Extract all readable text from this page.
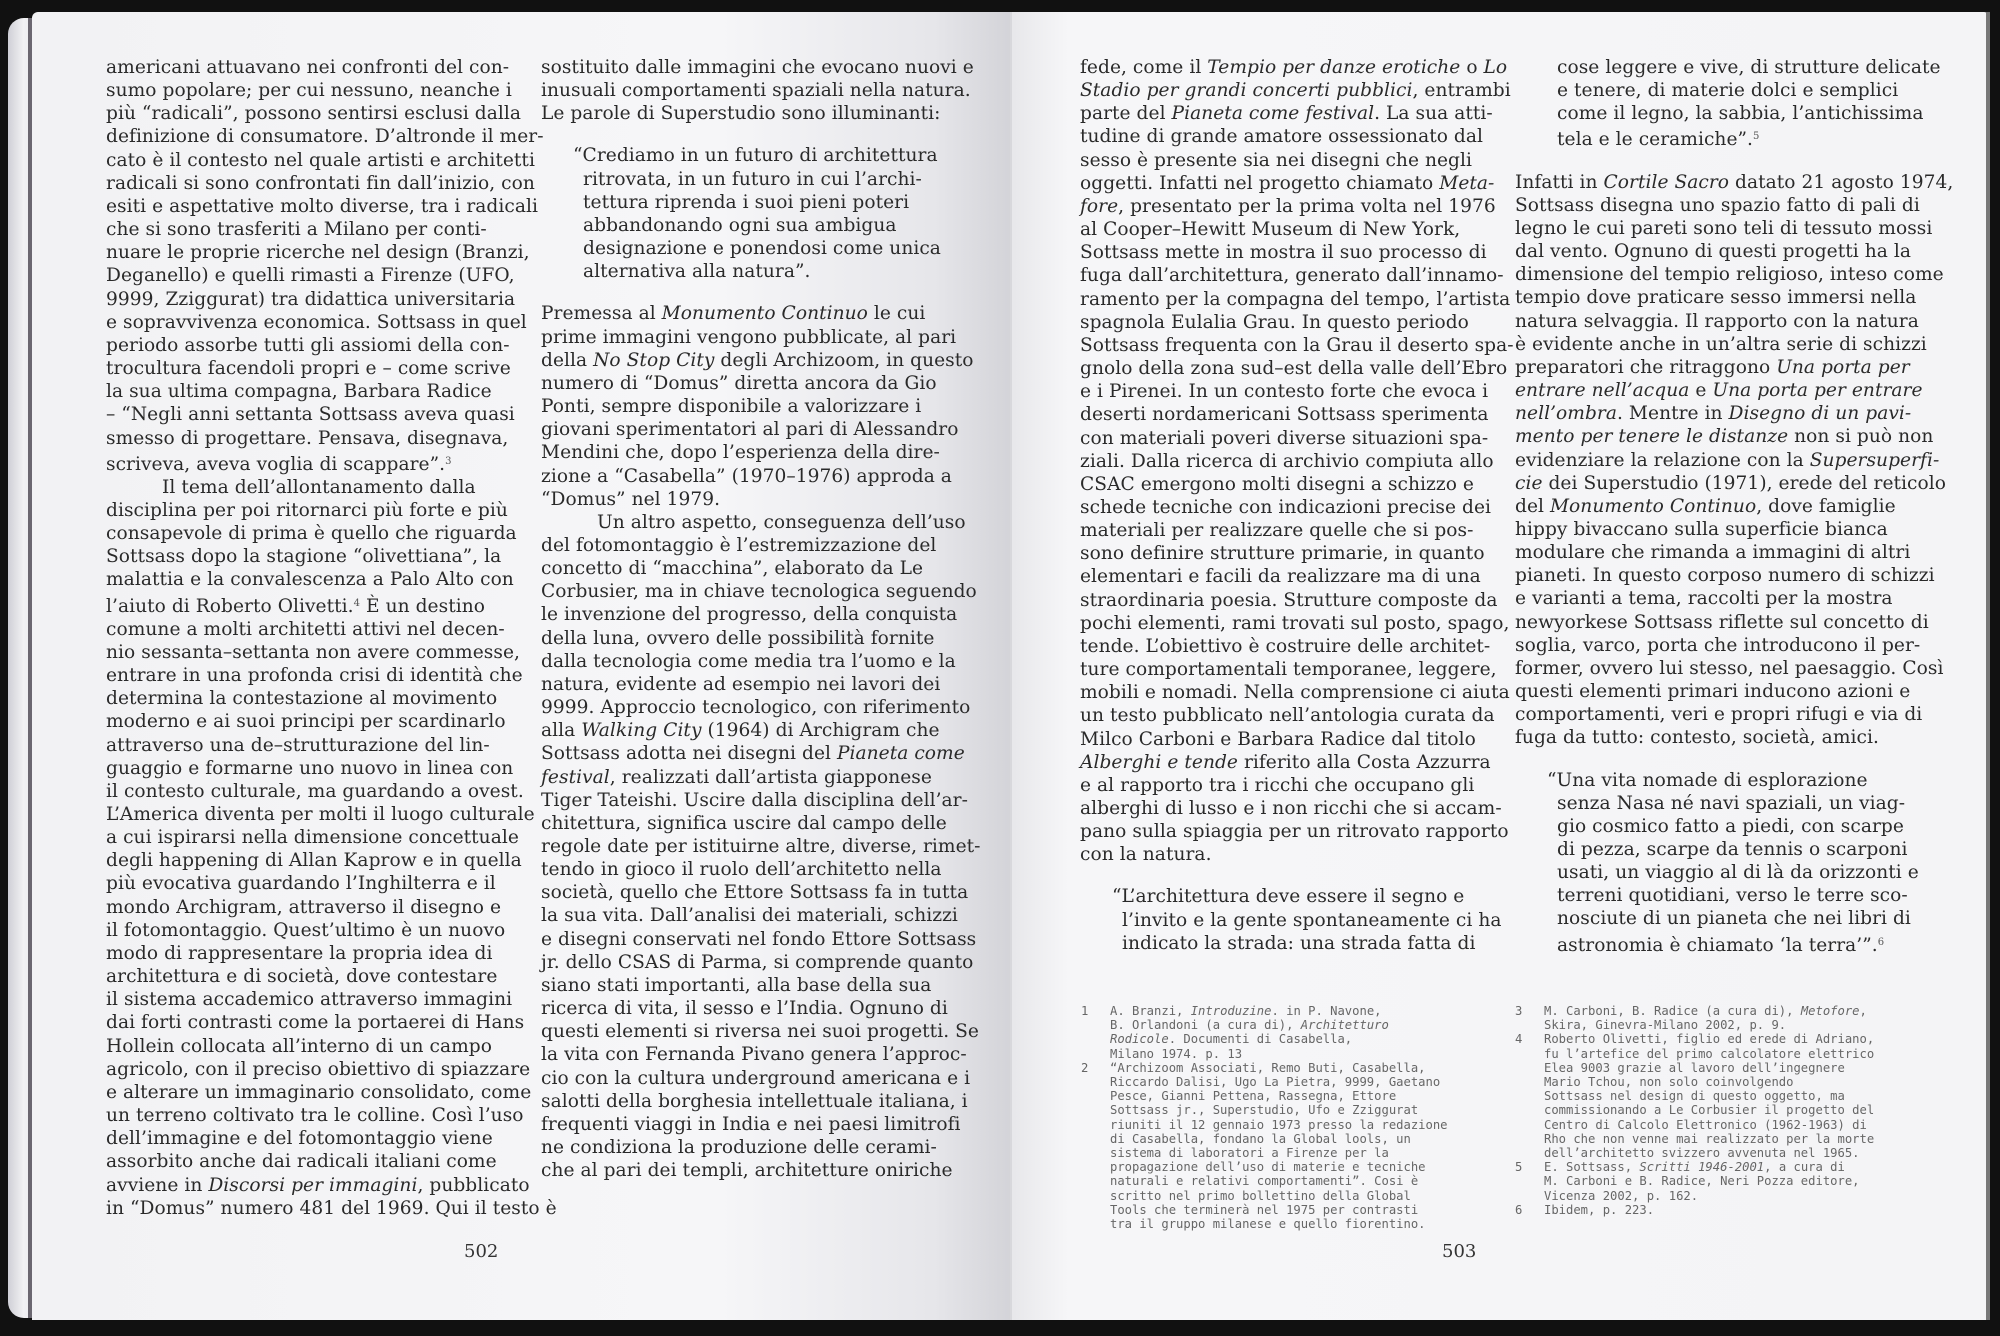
americani attuavano nei confronti del con-

sumo popolare; per cui nessuno, neanche i

più “radicali”, possono sentirsi esclusi dalla

definizione di consumatore. D’altronde il mer-

cato è il contesto nel quale artisti e architetti

radicali si sono confrontati fin dall’inizio, con

esiti e aspettative molto diverse, tra i radicali

che si sono trasferiti a Milano per conti-

nuare le proprie ricerche nel design (Branzi,

Deganello) e quelli rimasti a Firenze (UFO,

9999, Zziggurat) tra didattica universitaria

e sopravvivenza economica. Sottsass in quel

periodo assorbe tutti gli assiomi della con-

trocultura facendoli propri e – come scrive

la sua ultima compagna, Barbara Radice

– “Negli anni settanta Sottsass aveva quasi

smesso di progettare. Pensava, disegnava,

scriveva, aveva voglia di scappare”.$^3$

Il tema dell’allontanamento dalla

disciplina per poi ritornarci più forte e più

consapevole di prima è quello che riguarda

Sottsass dopo la stagione “olivettiana”, la

malattia e la convalescenza a Palo Alto con

l’aiuto di Roberto Olivetti.$^4$ È un destino

comune a molti architetti attivi nel decen-

nio sessanta–settanta non avere commesse,

entrare in una profonda crisi di identità che

determina la contestazione al movimento

moderno e ai suoi principi per scardinarlo

attraverso una de–strutturazione del lin-

guaggio e formarne uno nuovo in linea con

il contesto culturale, ma guardando a ovest.

L’America diventa per molti il luogo culturale

a cui ispirarsi nella dimensione concettuale

degli happening di Allan Kaprow e in quella

più evocativa guardando l’Inghilterra e il

mondo Archigram, attraverso il disegno e

il fotomontaggio. Quest’ultimo è un nuovo

modo di rappresentare la propria idea di

architettura e di società, dove contestare

il sistema accademico attraverso immagini

dai forti contrasti come la portaerei di Hans

Hollein collocata all’interno di un campo

agricolo, con il preciso obiettivo di spiazzare

e alterare un immaginario consolidato, come

un terreno coltivato tra le colline. Così l’uso

dell’immagine e del fotomontaggio viene

assorbito anche dai radicali italiani come

avviene in Discorsi per immagini, pubblicato

in “Domus” numero 481 del 1969. Qui il testo è

sostituito dalle immagini che evocano nuovi e

inusuali comportamenti spaziali nella natura.

Le parole di Superstudio sono illuminanti:

“Crediamo in un futuro di architettura

ritrovata, in un futuro in cui l’archi-

tettura riprenda i suoi pieni poteri

abbandonando ogni sua ambigua

designazione e ponendosi come unica

alternativa alla natura”.

Premessa al Monumento Continuo le cui

prime immagini vengono pubblicate, al pari

della No Stop City degli Archizoom, in questo

numero di “Domus” diretta ancora da Gio

Ponti, sempre disponibile a valorizzare i

giovani sperimentatori al pari di Alessandro

Mendini che, dopo l’esperienza della dire-

zione a “Casabella” (1970–1976) approda a

“Domus” nel 1979.

Un altro aspetto, conseguenza dell’uso

del fotomontaggio è l’estremizzazione del

concetto di “macchina”, elaborato da Le

Corbusier, ma in chiave tecnologica seguendo

le invenzione del progresso, della conquista

della luna, ovvero delle possibilità fornite

dalla tecnologia come media tra l’uomo e la

natura, evidente ad esempio nei lavori dei

9999. Approccio tecnologico, con riferimento

alla Walking City (1964) di Archigram che

Sottsass adotta nei disegni del Pianeta come

festival, realizzati dall’artista giapponese

Tiger Tateishi. Uscire dalla disciplina dell’ar-

chitettura, significa uscire dal campo delle

regole date per istituirne altre, diverse, rimet-

tendo in gioco il ruolo dell’architetto nella

società, quello che Ettore Sottsass fa in tutta

la sua vita. Dall’analisi dei materiali, schizzi

e disegni conservati nel fondo Ettore Sottsass

jr. dello CSAS di Parma, si comprende quanto

siano stati importanti, alla base della sua

ricerca di vita, il sesso e l’India. Ognuno di

questi elementi si riversa nei suoi progetti. Se

la vita con Fernanda Pivano genera l’approc-

cio con la cultura underground americana e i

salotti della borghesia intellettuale italiana, i

frequenti viaggi in India e nei paesi limitrofi

ne condiziona la produzione delle cerami-

che al pari dei templi, architetture oniriche

fede, come il Tempio per danze erotiche o Lo

Stadio per grandi concerti pubblici, entrambi

parte del Pianeta come festival. La sua atti-

tudine di grande amatore ossessionato dal

sesso è presente sia nei disegni che negli

oggetti. Infatti nel progetto chiamato Meta-

fore, presentato per la prima volta nel 1976

al Cooper–Hewitt Museum di New York,

Sottsass mette in mostra il suo processo di

fuga dall’architettura, generato dall’innamo-

ramento per la compagna del tempo, l’artista

spagnola Eulalia Grau. In questo periodo

Sottsass frequenta con la Grau il deserto spa-

gnolo della zona sud–est della valle dell’Ebro

e i Pirenei. In un contesto forte che evoca i

deserti nordamericani Sottsass sperimenta

con materiali poveri diverse situazioni spa-

ziali. Dalla ricerca di archivio compiuta allo

CSAC emergono molti disegni a schizzo e

schede tecniche con indicazioni precise dei

materiali per realizzare quelle che si pos-

sono definire strutture primarie, in quanto

elementari e facili da realizzare ma di una

straordinaria poesia. Strutture composte da

pochi elementi, rami trovati sul posto, spago,

tende. L’obiettivo è costruire delle architet-

ture comportamentali temporanee, leggere,

mobili e nomadi. Nella comprensione ci aiuta

un testo pubblicato nell’antologia curata da

Milco Carboni e Barbara Radice dal titolo

Alberghi e tende riferito alla Costa Azzurra

e al rapporto tra i ricchi che occupano gli

alberghi di lusso e i non ricchi che si accam-

pano sulla spiaggia per un ritrovato rapporto

con la natura.

“L’architettura deve essere il segno e

l’invito e la gente spontaneamente ci ha

indicato la strada: una strada fatta di

cose leggere e vive, di strutture delicate

e tenere, di materie dolci e semplici

come il legno, la sabbia, l’antichissima

tela e le ceramiche”.$^5$

Infatti in Cortile Sacro datato 21 agosto 1974,

Sottsass disegna uno spazio fatto di pali di

legno le cui pareti sono teli di tessuto mossi

dal vento. Ognuno di questi progetti ha la

dimensione del tempio religioso, inteso come

tempio dove praticare sesso immersi nella

natura selvaggia. Il rapporto con la natura

è evidente anche in un’altra serie di schizzi

preparatori che ritraggono Una porta per

entrare nell’acqua e Una porta per entrare

nell’ombra. Mentre in Disegno di un pavi-

mento per tenere le distanze non si può non

evidenziare la relazione con la Supersuperfi-

cie dei Superstudio (1971), erede del reticolo

del Monumento Continuo, dove famiglie

hippy bivaccano sulla superficie bianca

modulare che rimanda a immagini di altri

pianeti. In questo corposo numero di schizzi

e varianti a tema, raccolti per la mostra

newyorkese Sottsass riflette sul concetto di

soglia, varco, porta che introducono il per-

former, ovvero lui stesso, nel paesaggio. Così

questi elementi primari inducono azioni e

comportamenti, veri e propri rifugi e via di

fuga da tutto: contesto, società, amici.

“Una vita nomade di esplorazione

senza Nasa né navi spaziali, un viag-

gio cosmico fatto a piedi, con scarpe

di pezza, scarpe da tennis o scarponi

usati, un viaggio al di là da orizzonti e

terreni quotidiani, verso le terre sco-

nosciute di un pianeta che nei libri di

astronomia è chiamato ‘la terra’”.$^6$

1	A. Branzi, Introduzine. in P. Navone,

B. Orlandoni (a cura di), Architetturo

Rodicole. Documenti di Casabella,

Milano 1974. p. 13

2	“Archizoom Associati, Remo Buti, Casabella,

Riccardo Dalisi, Ugo La Pietra, 9999, Gaetano

Pesce, Gianni Pettena, Rassegna, Ettore

Sottsass jr., Superstudio, Ufo e Zziggurat

riuniti il 12 gennaio 1973 presso la redazione

di Casabella, fondano la Global lools, un

sistema di laboratori a Firenze per la

propagazione dell’uso di materie e tecniche

naturali e relativi comportamenti”. Cosi è

scritto nel primo bollettino della Global

Tools che terminerà nel 1975 per contrasti

tra il gruppo milanese e quello fiorentino.

3	M. Carboni, B. Radice (a cura di), Metofore,

Skira, Ginevra-Milano 2002, p. 9.

4	Roberto Olivetti, figlio ed erede di Adriano,

fu l’artefice del primo calcolatore elettrico

Elea 9003 grazie al lavoro dell’ingegnere

Mario Tchou, non solo coinvolgendo

Sottsass nel design di questo oggetto, ma

commissionando a Le Corbusier il progetto del

Centro di Calcolo Elettronico (1962-1963) di

Rho che non venne mai realizzato per la morte

dell’architetto svizzero avvenuta nel 1965.

5	E. Sottsass, Scritti 1946-2001, a cura di

M. Carboni e B. Radice, Neri Pozza editore,

Vicenza 2002, p. 162.

6	Ibidem, p. 223.

502	503
